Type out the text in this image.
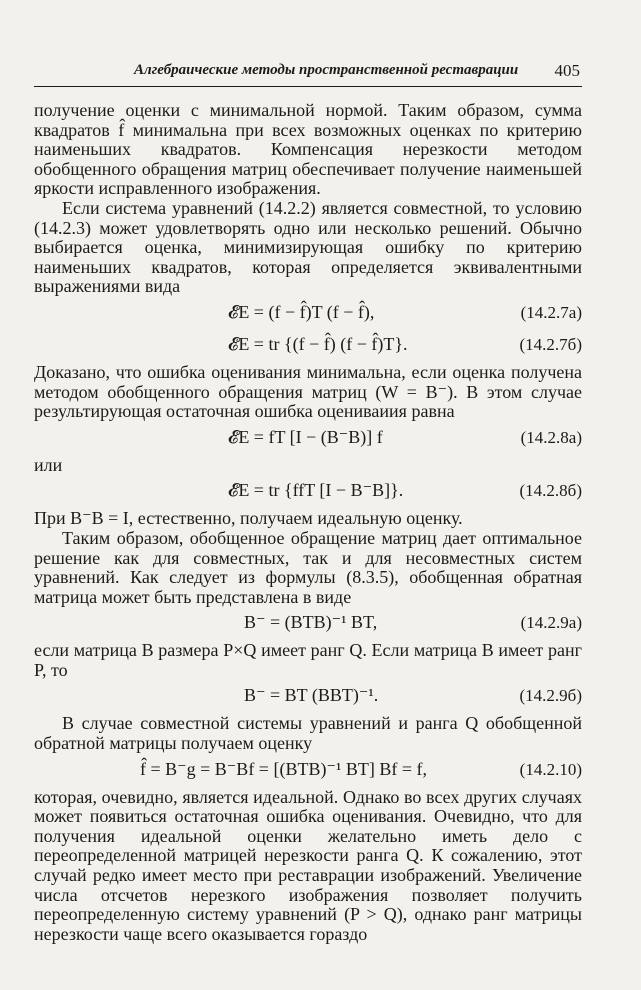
Алгебраические методы пространственной реставрации 405

получение оценки с минимальной нормой. Таким образом, сумма квадратов f̂ минимальна при всех возможных оценках по критерию наименьших квадратов. Компенсация нерезкости методом обобщенного обращения матриц обеспечивает получение наименьшей яркости исправленного изображения.

Если система уравнений (14.2.2) является совместной, то условию (14.2.3) может удовлетворять одно или несколько решений. Обычно выбирается оценка, минимизирующая ошибку по критерию наименьших квадратов, которая определяется эквивалентными выражениями вида

𝓔E = (f − f̂)T (f − f̂),	(14.2.7а)
𝓔E = tr {(f − f̂) (f − f̂)T}.	(14.2.7б)

Доказано, что ошибка оценивания минимальна, если оценка получена методом обобщенного обращения матриц (W = B⁻). В этом случае результирующая остаточная ошибка оцениваиия равна

𝓔E = fT [I − (B⁻B)] f	(14.2.8а)

или

𝓔E = tr {ffT [I − B⁻B]}.	(14.2.8б)

При B⁻B = I, естественно, получаем идеальную оценку.

Таким образом, обобщенное обращение матриц дает оптимальное решение как для совместных, так и для несовместных систем уравнений. Как следует из формулы (8.3.5), обобщенная обратная матрица может быть представлена в виде

B⁻ = (BTB)⁻¹ BT,	(14.2.9а)

если матрица B размера P×Q имеет ранг Q. Если матрица B имеет ранг P, то

B⁻ = BT (BBT)⁻¹.	(14.2.9б)

В случае совместной системы уравнений и ранга Q обобщенной обратной матрицы получаем оценку

f̂ = B⁻g = B⁻Bf = [(BTB)⁻¹ BT] Bf = f,	(14.2.10)

которая, очевидно, является идеальной. Однако во всех других случаях может появиться остаточная ошибка оценивания. Очевидно, что для получения идеальной оценки желательно иметь дело с переопределенной матрицей нерезкости ранга Q. К сожалению, этот случай редко имеет место при реставрации изображений. Увеличение числа отсчетов нерезкого изображения позволяет получить переопределенную систему уравнений (P > Q), однако ранг матрицы нерезкости чаще всего оказывается гораздо
